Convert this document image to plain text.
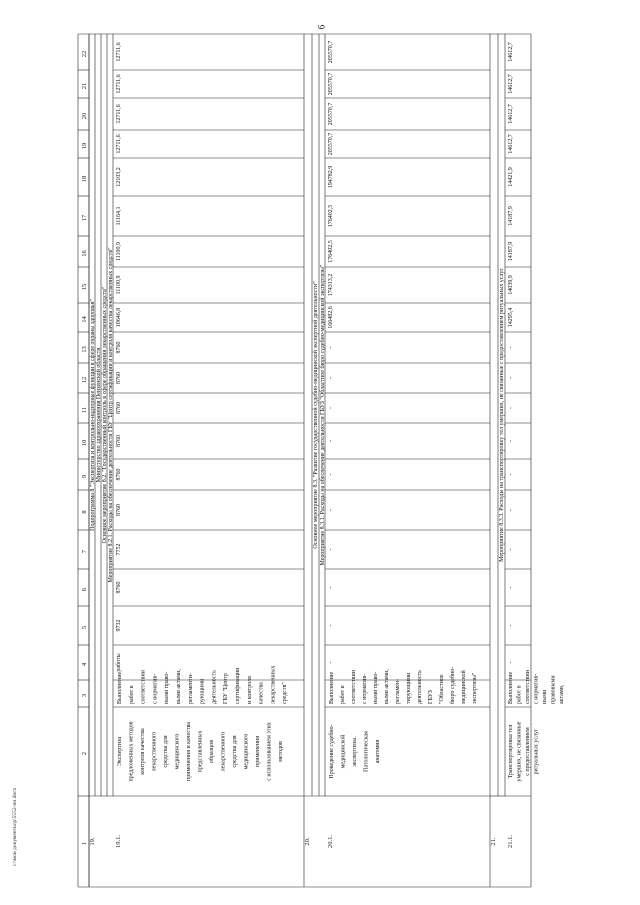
9
1
2
3
4
5
6
7
8
9
10
11
12
13
14
15
16
17
18
19
20
21
22
19.
Подпрограмма 8 "Экспертиза и контрольно-надзорные функции в сфере охраны здоровья" Министерство здравоохранения Пензенской области Основное мероприятие 8.2. "Государственный контроль в сфере обращения лекарственных средств" Мероприятие 8.2.1. Расходы на обеспечение деятельности ГБУ "Центр сертификации и контроля качества лекарственных средств"
19.1.
Экспертиза предложенных методов контроля качества лекарственного средства для медицинского применения и качества представленных образцов лекарственного средства для медицинского применения с использованием этих методов
Выполнение работ в соответствии с норматив- ными право- выми актами, регламенти- рующими деятельность ГБУ "Центр сертификации и контроля качества лекарственных средств"
работы
9732
8760
7752
8760
8760
8760
8760
8760
8760
10646,8
11100,9
11100,9
11164,1
12103,2
12711,6
12711,6
12711,6
12711,6
20.
Основное мероприятие 8.3. "Развитие государственной судебно-медицинской экспертной деятельности" Мероприятие 8.3.1. Расходы на обеспечение деятельности ГБУЗ "Областное бюро судебно-медицинской экспертизы"
20.1.
Проведение судебно- медицинской экспертизы. Патологическая анатомия
Выполнение работ в соответствии с норматив- ными право- выми актами, регламен- тирующими деятельность ГБУЗ "Областное бюро судебно- медицинской экспертизы"
-
-
-
-
-
-
-
-
-
-
166482,6
174313,2
176402,5
176402,5
194782,9
205570,7
205570,7
205570,7
205570,7
21.
Мероприятие 8.3.3. Расходы на транспортировку тел умерших, не связанные с предоставлением ритуальных услуг
21.1.
Транспортировка тел умерших, не связанные с предоставлением ритуальных услуг
Выполнение работ в соответствии с норматив- ными правовыми актами,
-
-
-
-
-
-
-
-
-
-
14295,4
14039,9
14187,9
14187,9
14421,9
14612,7
14612,7
14612,7
14612,7
c:\мои документы\р\5552-пп.docx
